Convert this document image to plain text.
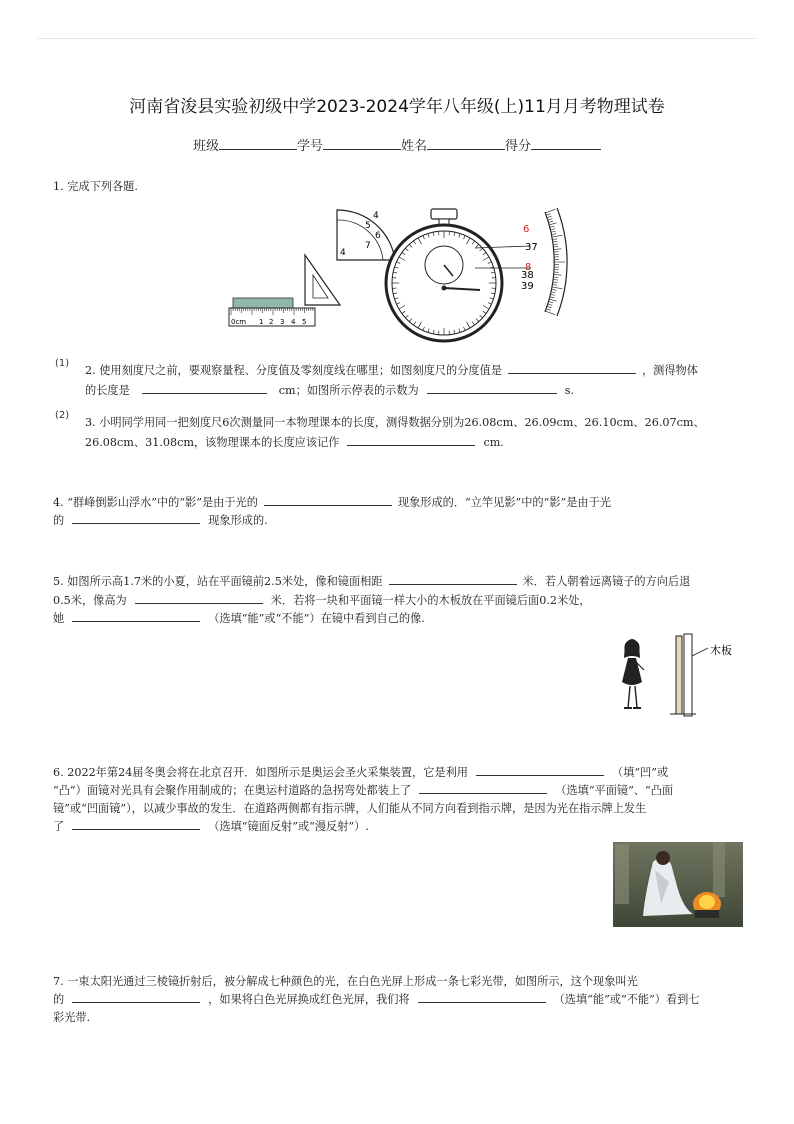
河南省浚县实验初级中学2023-2024学年八年级(上)11月月考物理试卷
班级	学号	姓名	得分
1. 完成下列各题.
4
5
6
7
4
0cm 1 2 3 4 5
6
37
8
38
39
(1)
2. 使用刻度尺之前，要观察量程、分度值及零刻度线在哪里；如图刻度尺的分度值是	，测得物体
的长度是	cm；如图所示停表的示数为	s.
(2)
3. 小明同学用同一把刻度尺6次测量同一本物理课本的长度，测得数据分别为26.08cm、26.09cm、26.10cm、26.07cm、
26.08cm、31.08cm，该物理课本的长度应该记作	cm.
4. “群峰倒影山浮水”中的“影”是由于光的	现象形成的．“立竿见影”中的“影”是由于光
的	现象形成的.
5. 如图所示高1.7米的小夏，站在平面镜前2.5米处，像和镜面相距	米．若人朝着远离镜子的方向后退
0.5米，像高为	米．若将一块和平面镜一样大小的木板放在平面镜后面0.2米处，
她	（选填“能”或“不能”）在镜中看到自己的像.
木板
6. 2022年第24届冬奥会将在北京召开．如图所示是奥运会圣火采集装置，它是利用	（填“凹”或
“凸”）面镜对光具有会聚作用制成的；在奥运村道路的急拐弯处都装上了	（选填“平面镜”、“凸面
镜”或“凹面镜”），以减少事故的发生．在道路两侧都有指示牌，人们能从不同方向看到指示牌，是因为光在指示牌上发生
了	（选填“镜面反射”或“漫反射”）.
7. 一束太阳光通过三棱镜折射后，被分解成七种颜色的光，在白色光屏上形成一条七彩光带，如图所示，这个现象叫光
的	，如果将白色光屏换成红色光屏，我们将	（选填“能”或“不能”）看到七
彩光带.
